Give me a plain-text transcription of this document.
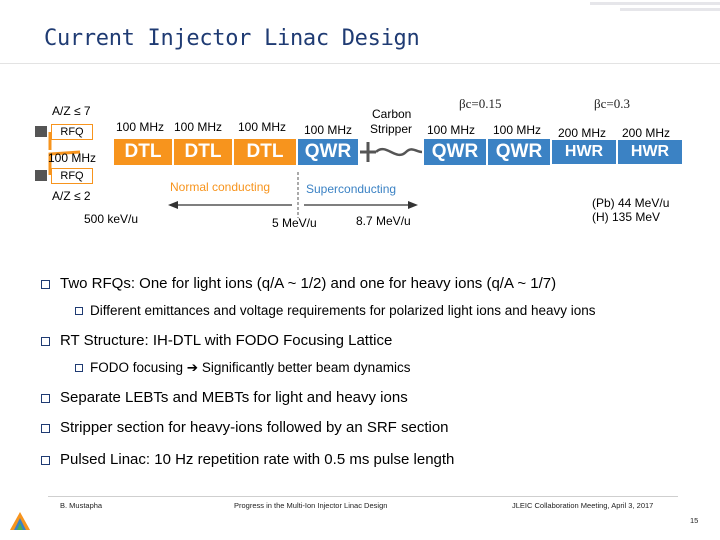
Current Injector Linac Design
A/Z ≤ 7
100 MHz
A/Z ≤ 2
RFQ
RFQ
Carbon
Stripper
βc=0.15	βc=0.3
100 MHz 100 MHz 100 MHz 100 MHz	100 MHz 100 MHz 200 MHz 200 MHz
DTL	DTL	DTL	QWR	QWR QWR	HWR	HWR
Normal conducting	Superconducting
500 keV/u	5 MeV/u	8.7 MeV/u
(Pb) 44 MeV/u
(H) 135 MeV
Two RFQs: One for light ions (q/A ~ 1/2) and one for heavy ions (q/A ~ 1/7)
Different emittances and voltage requirements for polarized light ions and heavy ions
RT Structure: IH-DTL with FODO Focusing Lattice
FODO focusing ➔ Significantly better beam dynamics
Separate LEBTs and MEBTs for light and heavy ions
Stripper section for heavy-ions followed by an SRF section
Pulsed Linac: 10 Hz repetition rate with 0.5 ms pulse length
B. Mustapha	Progress in the Multi-Ion Injector Linac Design	JLEIC Collaboration Meeting, April 3, 2017
15
